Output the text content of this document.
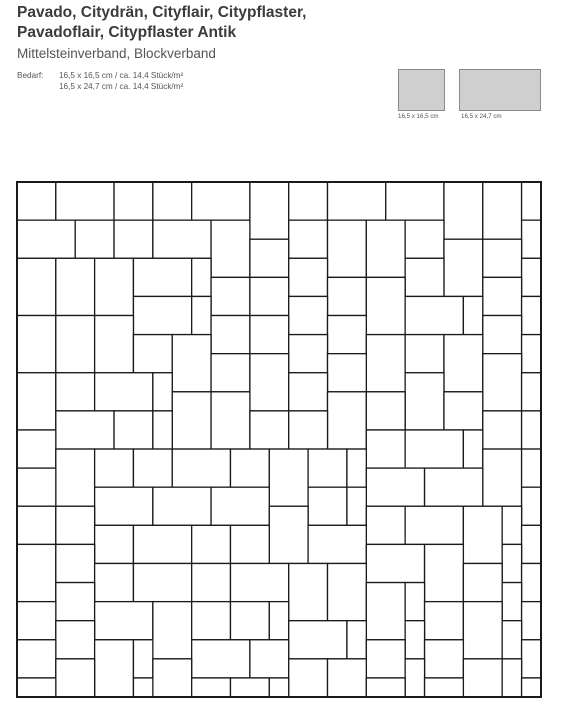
Pavado, Citydrän, Cityflair, Citypflaster,
Pavadoflair, Citypflaster Antik
Mittelsteinverband, Blockverband
Bedarf: 16,5 x 16,5 cm / ca. 14,4 Stück/m²
16,5 x 24,7 cm / ca. 14,4 Stück/m²
16,5 x 16,5 cm	16,5 x 24,7 cm
